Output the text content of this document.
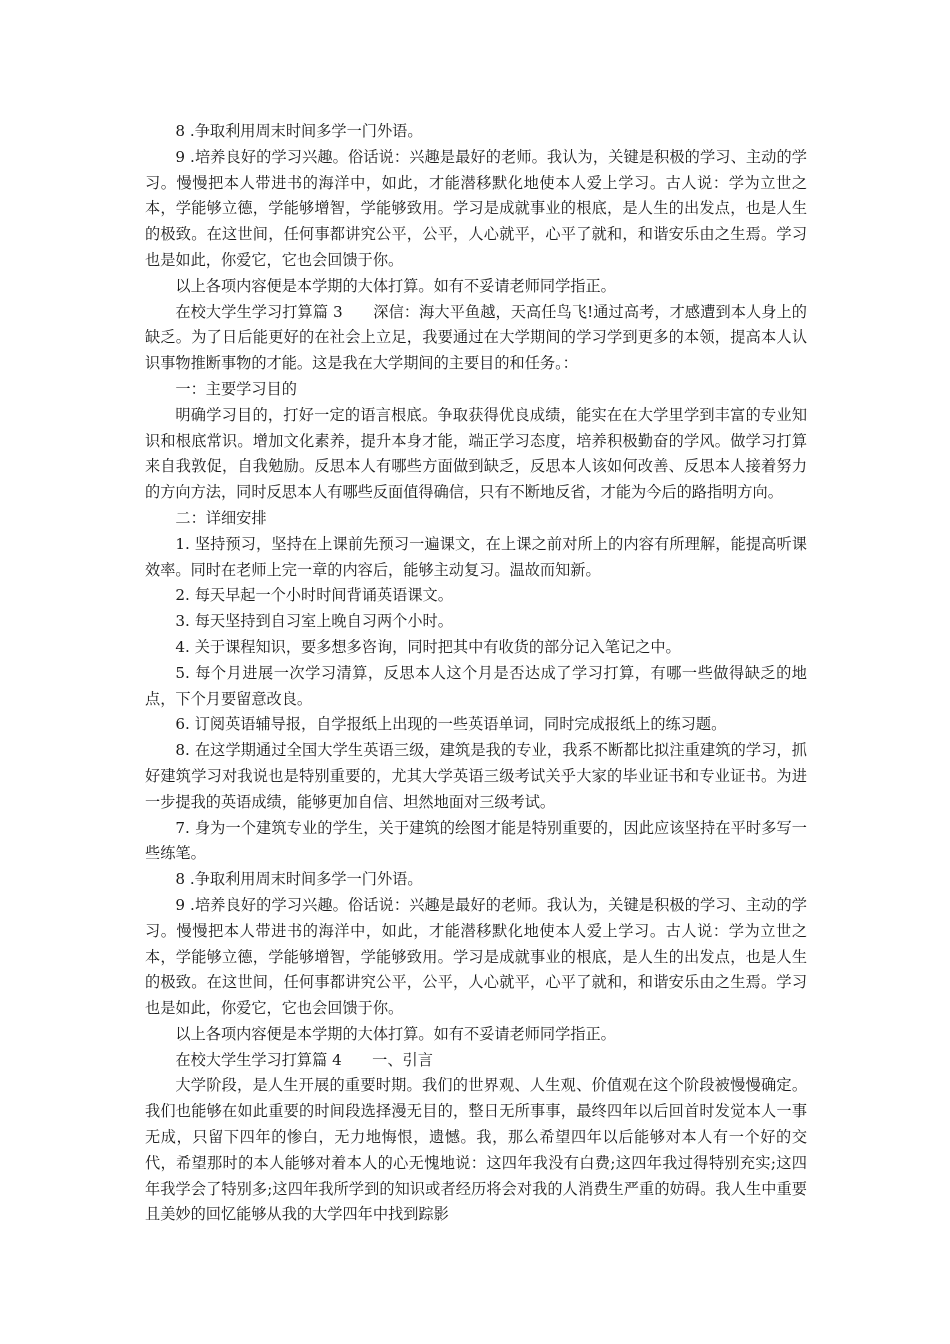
8 .争取利用周末时间多学一门外语。

9 .培养良好的学习兴趣。俗话说：兴趣是最好的老师。我认为，关键是积极的学习、主动的学习。慢慢把本人带进书的海洋中，如此，才能潜移默化地使本人爱上学习。古人说：学为立世之本，学能够立德，学能够增智，学能够致用。学习是成就事业的根底，是人生的出发点，也是人生的极致。在这世间，任何事都讲究公平，公平，人心就平，心平了就和，和谐安乐由之生焉。学习也是如此，你爱它，它也会回馈于你。

以上各项内容便是本学期的大体打算。如有不妥请老师同学指正。

在校大学生学习打算篇 3　　深信：海大平鱼越，天高任鸟飞!通过高考，才感遭到本人身上的缺乏。为了日后能更好的在社会上立足，我要通过在大学期间的学习学到更多的本领，提高本人认识事物推断事物的才能。这是我在大学期间的主要目的和任务。：

一：主要学习目的

明确学习目的，打好一定的语言根底。争取获得优良成绩，能实在在大学里学到丰富的专业知识和根底常识。增加文化素养，提升本身才能，端正学习态度，培养积极勤奋的学风。做学习打算来自我敦促，自我勉励。反思本人有哪些方面做到缺乏，反思本人该如何改善、反思本人接着努力的方向方法，同时反思本人有哪些反面值得确信，只有不断地反省，才能为今后的路指明方向。

二：详细安排

1. 坚持预习，坚持在上课前先预习一遍课文，在上课之前对所上的内容有所理解，能提高听课效率。同时在老师上完一章的内容后，能够主动复习。温故而知新。

2. 每天早起一个小时时间背诵英语课文。

3. 每天坚持到自习室上晚自习两个小时。

4. 关于课程知识，要多想多咨询，同时把其中有收货的部分记入笔记之中。

5. 每个月进展一次学习清算，反思本人这个月是否达成了学习打算，有哪一些做得缺乏的地点，下个月要留意改良。

6. 订阅英语辅导报，自学报纸上出现的一些英语单词，同时完成报纸上的练习题。

8. 在这学期通过全国大学生英语三级，建筑是我的专业，我系不断都比拟注重建筑的学习，抓好建筑学习对我说也是特别重要的，尤其大学英语三级考试关乎大家的毕业证书和专业证书。为进一步提我的英语成绩，能够更加自信、坦然地面对三级考试。

7. 身为一个建筑专业的学生，关于建筑的绘图才能是特别重要的，因此应该坚持在平时多写一些练笔。

8 .争取利用周末时间多学一门外语。

9 .培养良好的学习兴趣。俗话说：兴趣是最好的老师。我认为，关键是积极的学习、主动的学习。慢慢把本人带进书的海洋中，如此，才能潜移默化地使本人爱上学习。古人说：学为立世之本，学能够立德，学能够增智，学能够致用。学习是成就事业的根底，是人生的出发点，也是人生的极致。在这世间，任何事都讲究公平，公平，人心就平，心平了就和，和谐安乐由之生焉。学习也是如此，你爱它，它也会回馈于你。

以上各项内容便是本学期的大体打算。如有不妥请老师同学指正。

在校大学生学习打算篇 4　　一、引言

大学阶段，是人生开展的重要时期。我们的世界观、人生观、价值观在这个阶段被慢慢确定。我们也能够在如此重要的时间段选择漫无目的，整日无所事事，最终四年以后回首时发觉本人一事无成，只留下四年的惨白，无力地悔恨，遗憾。我，那么希望四年以后能够对本人有一个好的交代，希望那时的本人能够对着本人的心无愧地说：这四年我没有白费;这四年我过得特别充实;这四年我学会了特别多;这四年我所学到的知识或者经历将会对我的人消费生严重的妨碍。我人生中重要且美妙的回忆能够从我的大学四年中找到踪影
